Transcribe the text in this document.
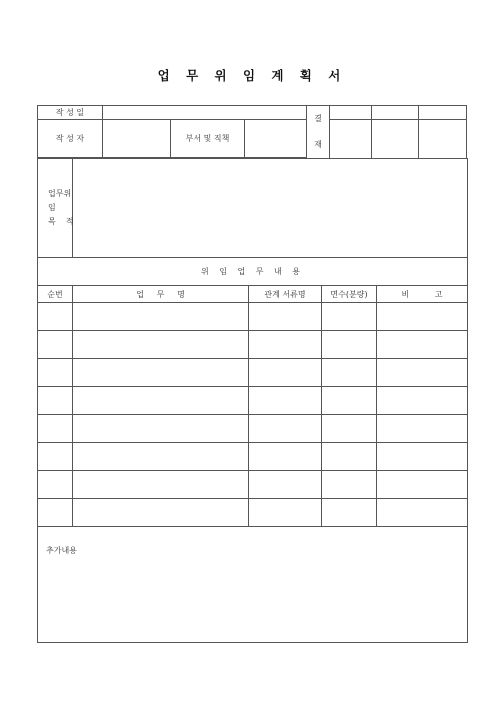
업 무 위 임 계 획 서
작 성 일				결
재			
작 성 자		부서 및 직책					

업무위임
목    적				

위 임 업 무 내 용				
순번	업     무     명	관계 서류명	면수(분량)	비          고

추가내용				
